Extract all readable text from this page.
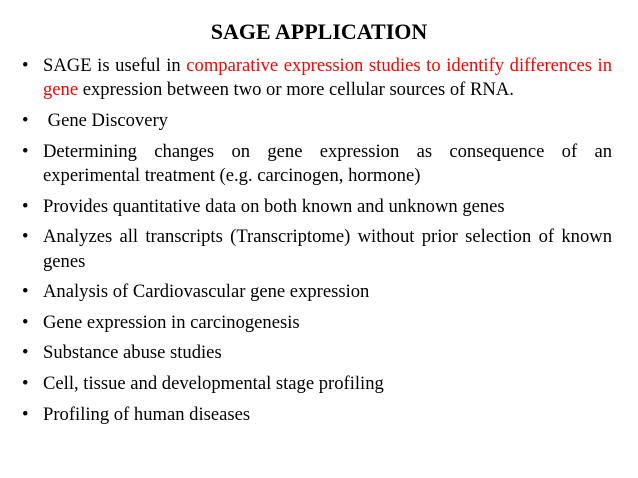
SAGE APPLICATION
• SAGE is useful in comparative expression studies to identify differences in gene expression between two or more cellular sources of RNA.
• Gene Discovery
• Determining changes on gene expression as consequence of an experimental treatment (e.g. carcinogen, hormone)
• Provides quantitative data on both known and unknown genes
• Analyzes all transcripts (Transcriptome) without prior selection of known genes
• Analysis of Cardiovascular gene expression
• Gene expression in carcinogenesis
• Substance abuse studies
• Cell, tissue and developmental stage profiling
• Profiling of human diseases
